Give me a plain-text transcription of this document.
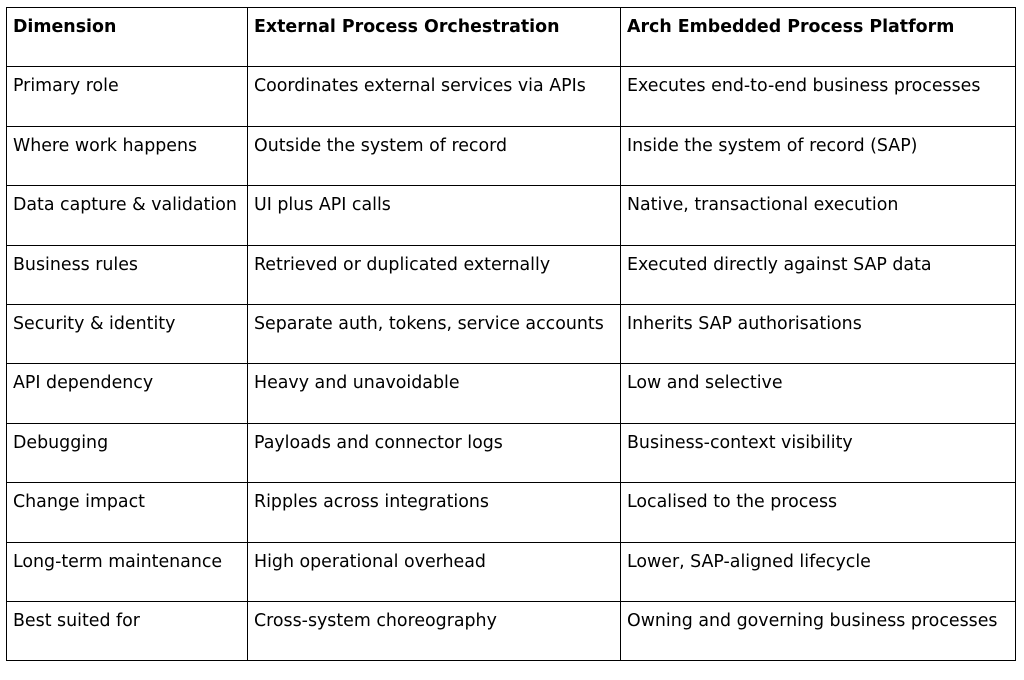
Dimension	External Process Orchestration	Arch Embedded Process Platform
Primary role	Coordinates external services via APIs	Executes end-to-end business processes
Where work happens	Outside the system of record	Inside the system of record (SAP)
Data capture & validation	UI plus API calls	Native, transactional execution
Business rules	Retrieved or duplicated externally	Executed directly against SAP data
Security & identity	Separate auth, tokens, service accounts	Inherits SAP authorisations
API dependency	Heavy and unavoidable	Low and selective
Debugging	Payloads and connector logs	Business-context visibility
Change impact	Ripples across integrations	Localised to the process
Long-term maintenance	High operational overhead	Lower, SAP-aligned lifecycle
Best suited for	Cross-system choreography	Owning and governing business processes
